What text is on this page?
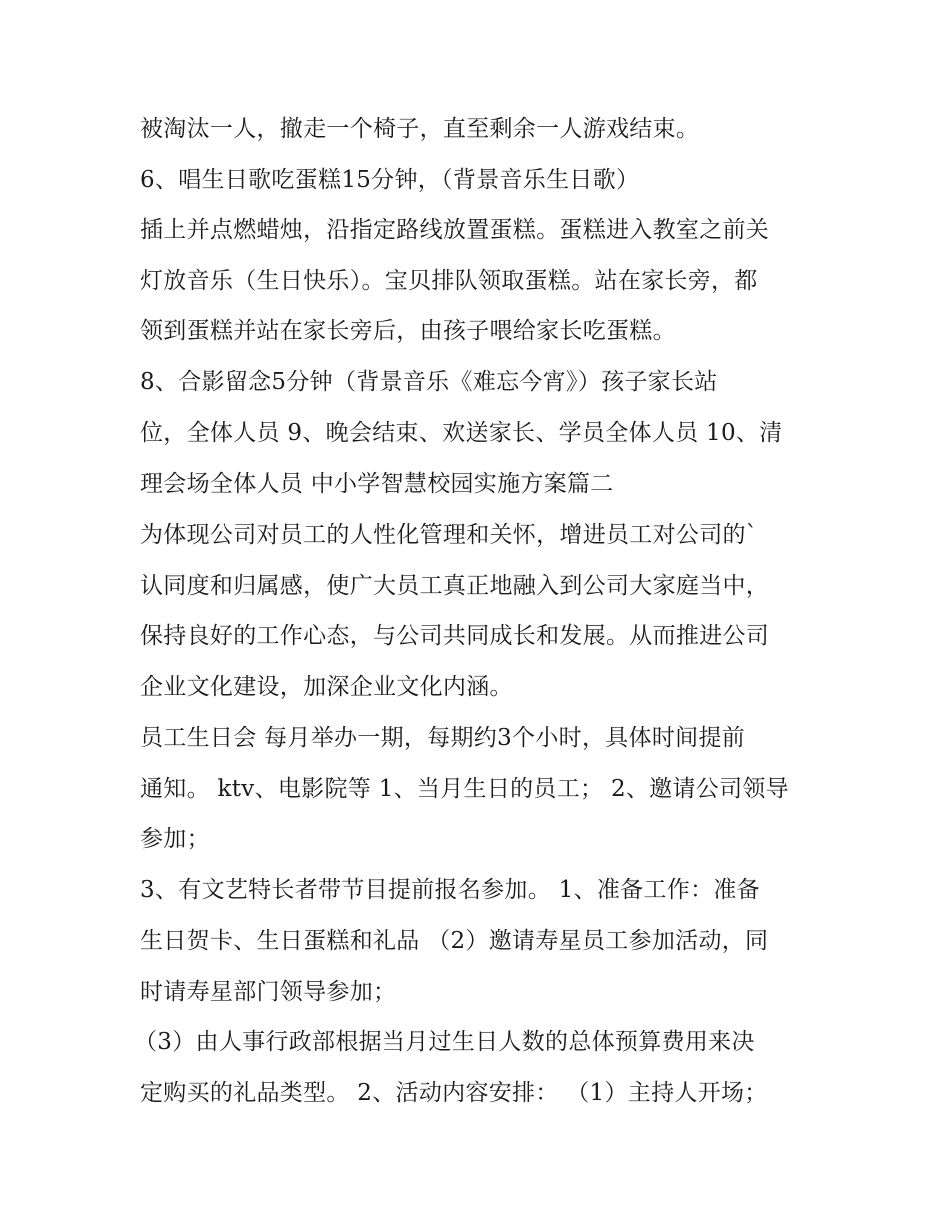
被淘汰一人，撤走一个椅子，直至剩余一人游戏结束。
6、唱生日歌吃蛋糕15分钟，（背景音乐生日歌）
插上并点燃蜡烛，沿指定路线放置蛋糕。蛋糕进入教室之前关
灯放音乐（生日快乐）。宝贝排队领取蛋糕。站在家长旁，都
领到蛋糕并站在家长旁后，由孩子喂给家长吃蛋糕。
8、合影留念5分钟（背景音乐《难忘今宵》）孩子家长站
位，全体人员 9、晚会结束、欢送家长、学员全体人员 10、清
理会场全体人员 中小学智慧校园实施方案篇二
为体现公司对员工的人性化管理和关怀，增进员工对公司的`
认同度和归属感，使广大员工真正地融入到公司大家庭当中，
保持良好的工作心态，与公司共同成长和发展。从而推进公司
企业文化建设，加深企业文化内涵。
员工生日会 每月举办一期，每期约3个小时，具体时间提前
通知。 ktv、电影院等 1、当月生日的员工； 2、邀请公司领导
参加；
3、有文艺特长者带节目提前报名参加。 1、准备工作：准备
生日贺卡、生日蛋糕和礼品 （2）邀请寿星员工参加活动，同
时请寿星部门领导参加；
（3）由人事行政部根据当月过生日人数的总体预算费用来决
定购买的礼品类型。 2、活动内容安排： （1）主持人开场；
